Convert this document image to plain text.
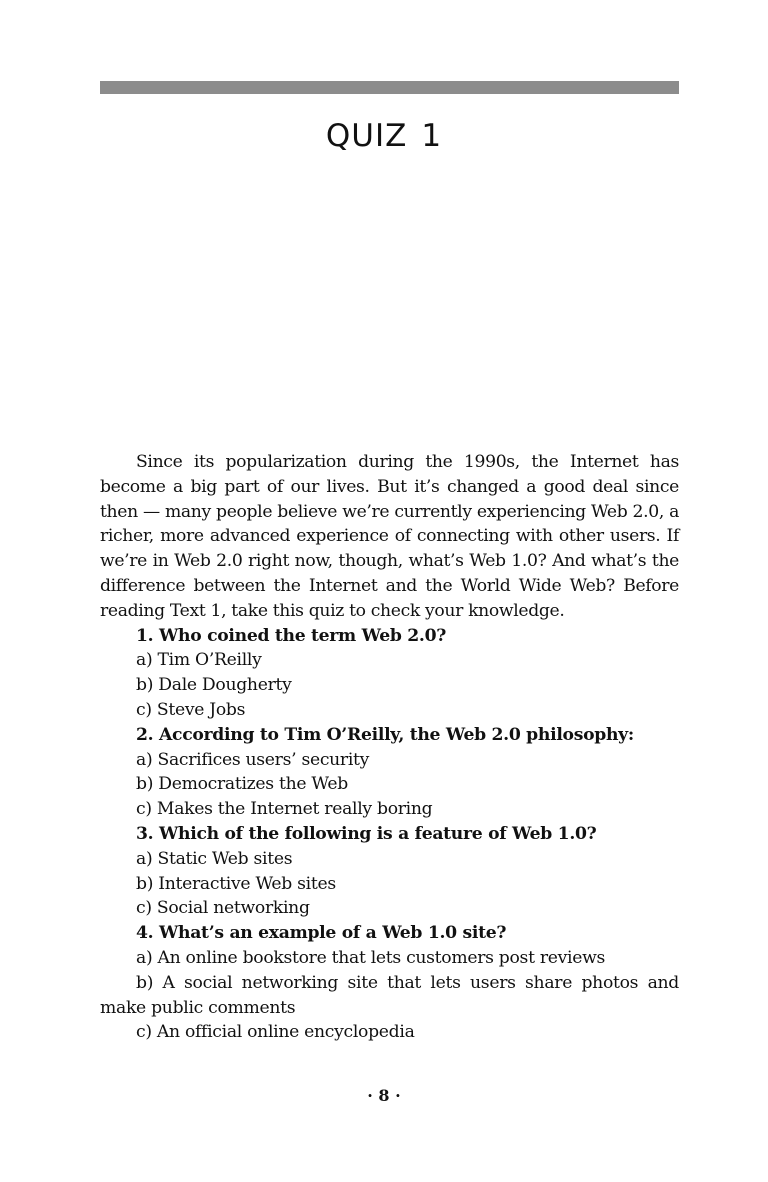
QUIZ 1

Since its popularization during the 1990s, the Internet has become a big part of our lives. But it’s changed a good deal since then — many people believe we’re currently experiencing Web 2.0, a richer, more advanced experience of connecting with other users. If we’re in Web 2.0 right now, though, what’s Web 1.0? And what’s the difference between the Internet and the World Wide Web? Before reading Text 1, take this quiz to check your knowledge.

1. Who coined the term Web 2.0?
a) Tim O’Reilly
b) Dale Dougherty
c) Steve Jobs
2. According to Tim O’Reilly, the Web 2.0 philosophy:
a) Sacrifices users’ security
b) Democratizes the Web
c) Makes the Internet really boring
3. Which of the following is a feature of Web 1.0?
a) Static Web sites
b) Interactive Web sites
c) Social networking
4. What’s an example of a Web 1.0 site?
a) An online bookstore that lets customers post reviews
b) A social networking site that lets users share photos and make public comments
c) An official online encyclopedia
· 8 ·
